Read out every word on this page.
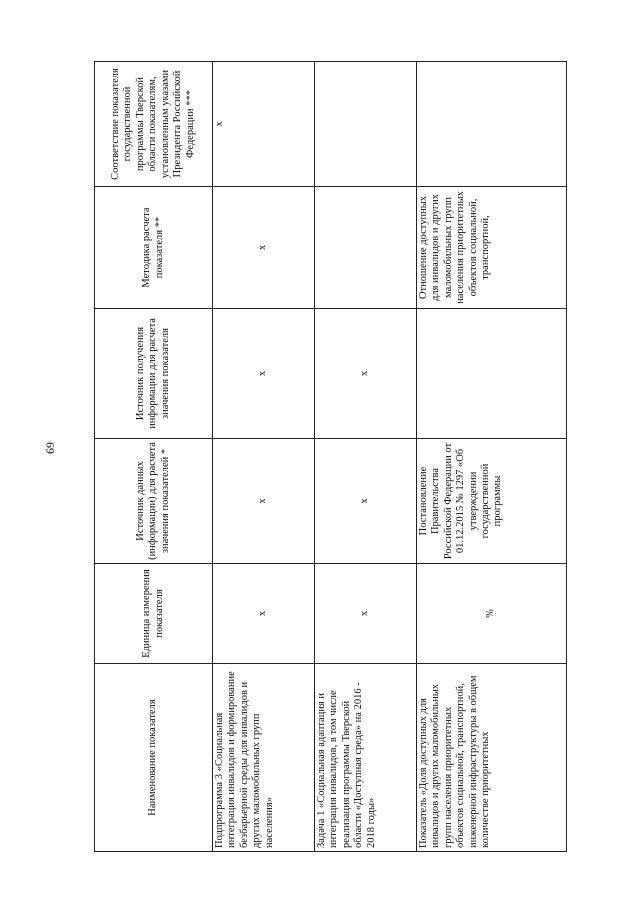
69
Наименование показателя	Единица измерения показателя	Источник данных (информации) для расчета значения показателей *	Источник получения информации для расчета значения показателя	Методика расчета показателя **	Соответствие показателя государственной программы Тверской области показателям, установленным указами Президента Российской Федерации ***
Подпрограмма 3 «Социальная интеграция инвалидов и формирование безбарьерной среды для инвалидов и других маломобильных групп населения»	х	х	х	х	х
Задача 1 «Социальная адаптация и интеграция инвалидов, в том числе реализация программы Тверской области «Доступная среда» на 2016 - 2018 годы»	х	х	х		

Показатель «Доля доступных для инвалидов и других маломобильных групп населения приоритетных объектов социальной, транспортной, инженерной инфраструктуры в общем количестве приоритетных	%	Постановление Правительства Российской Федерации от 01.12.2015 № 1297 «Об утверждении государственной программы		Отношение доступных для инвалидов и других маломобильных групп населения приоритетных объектов социальной, транспортной,	
